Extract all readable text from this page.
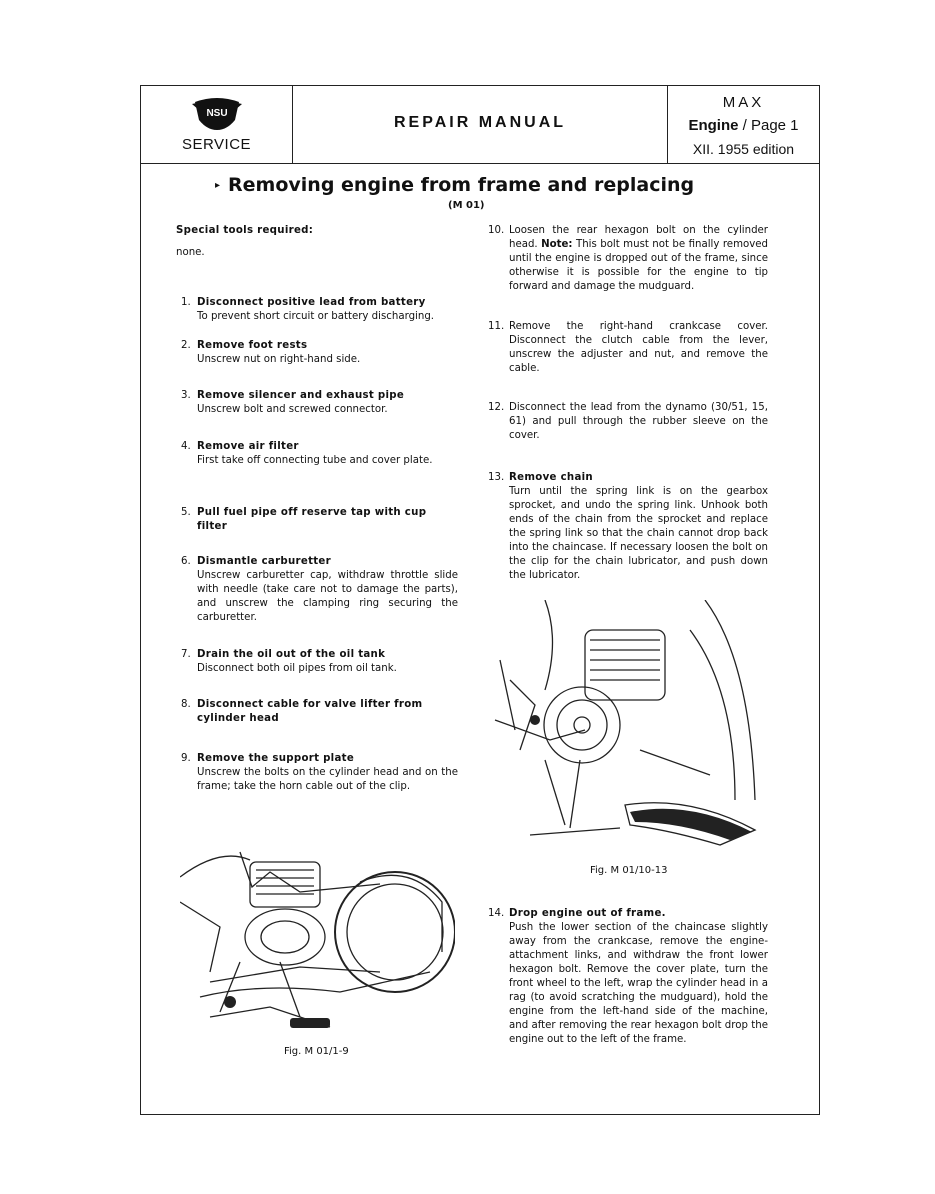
NSU
SERVICE
REPAIR MANUAL
MAX
Engine / Page 1
XII. 1955 edition
▸ Removing engine from frame and replacing
(M 01)
Special tools required:
none.
1. Disconnect positive lead from battery
To prevent short circuit or battery discharging.
2. Remove foot rests
Unscrew nut on right-hand side.
3. Remove silencer and exhaust pipe
Unscrew bolt and screwed connector.
4. Remove air filter
First take off connecting tube and cover plate.
5. Pull fuel pipe off reserve tap with cup filter
6. Dismantle carburetter
Unscrew carburetter cap, withdraw throttle slide with needle (take care not to damage the parts), and unscrew the clamping ring securing the carburetter.
7. Drain the oil out of the oil tank
Disconnect both oil pipes from oil tank.
8. Disconnect cable for valve lifter from cylinder head
9. Remove the support plate
Unscrew the bolts on the cylinder head and on the frame; take the horn cable out of the clip.
10. Loosen the rear hexagon bolt on the cylinder head. Note: This bolt must not be finally removed until the engine is dropped out of the frame, since otherwise it is possible for the engine to tip forward and damage the mudguard.
11. Remove the right-hand crankcase cover. Disconnect the clutch cable from the lever, unscrew the adjuster and nut, and remove the cable.
12. Disconnect the lead from the dynamo (30/51, 15, 61) and pull through the rubber sleeve on the cover.
13. Remove chain
Turn until the spring link is on the gearbox sprocket, and undo the spring link. Unhook both ends of the chain from the sprocket and replace the spring link so that the chain cannot drop back into the chaincase. If necessary loosen the bolt on the clip for the chain lubricator, and push down the lubricator.
14. Drop engine out of frame.
Push the lower section of the chaincase slightly away from the crankcase, remove the engine-attachment links, and withdraw the front lower hexagon bolt. Remove the cover plate, turn the front wheel to the left, wrap the cylinder head in a rag (to avoid scratching the mudguard), hold the engine from the left-hand side of the machine, and after removing the rear hexagon bolt drop the engine out to the left of the frame.
Fig. M 01/1-9
Fig. M 01/10-13
